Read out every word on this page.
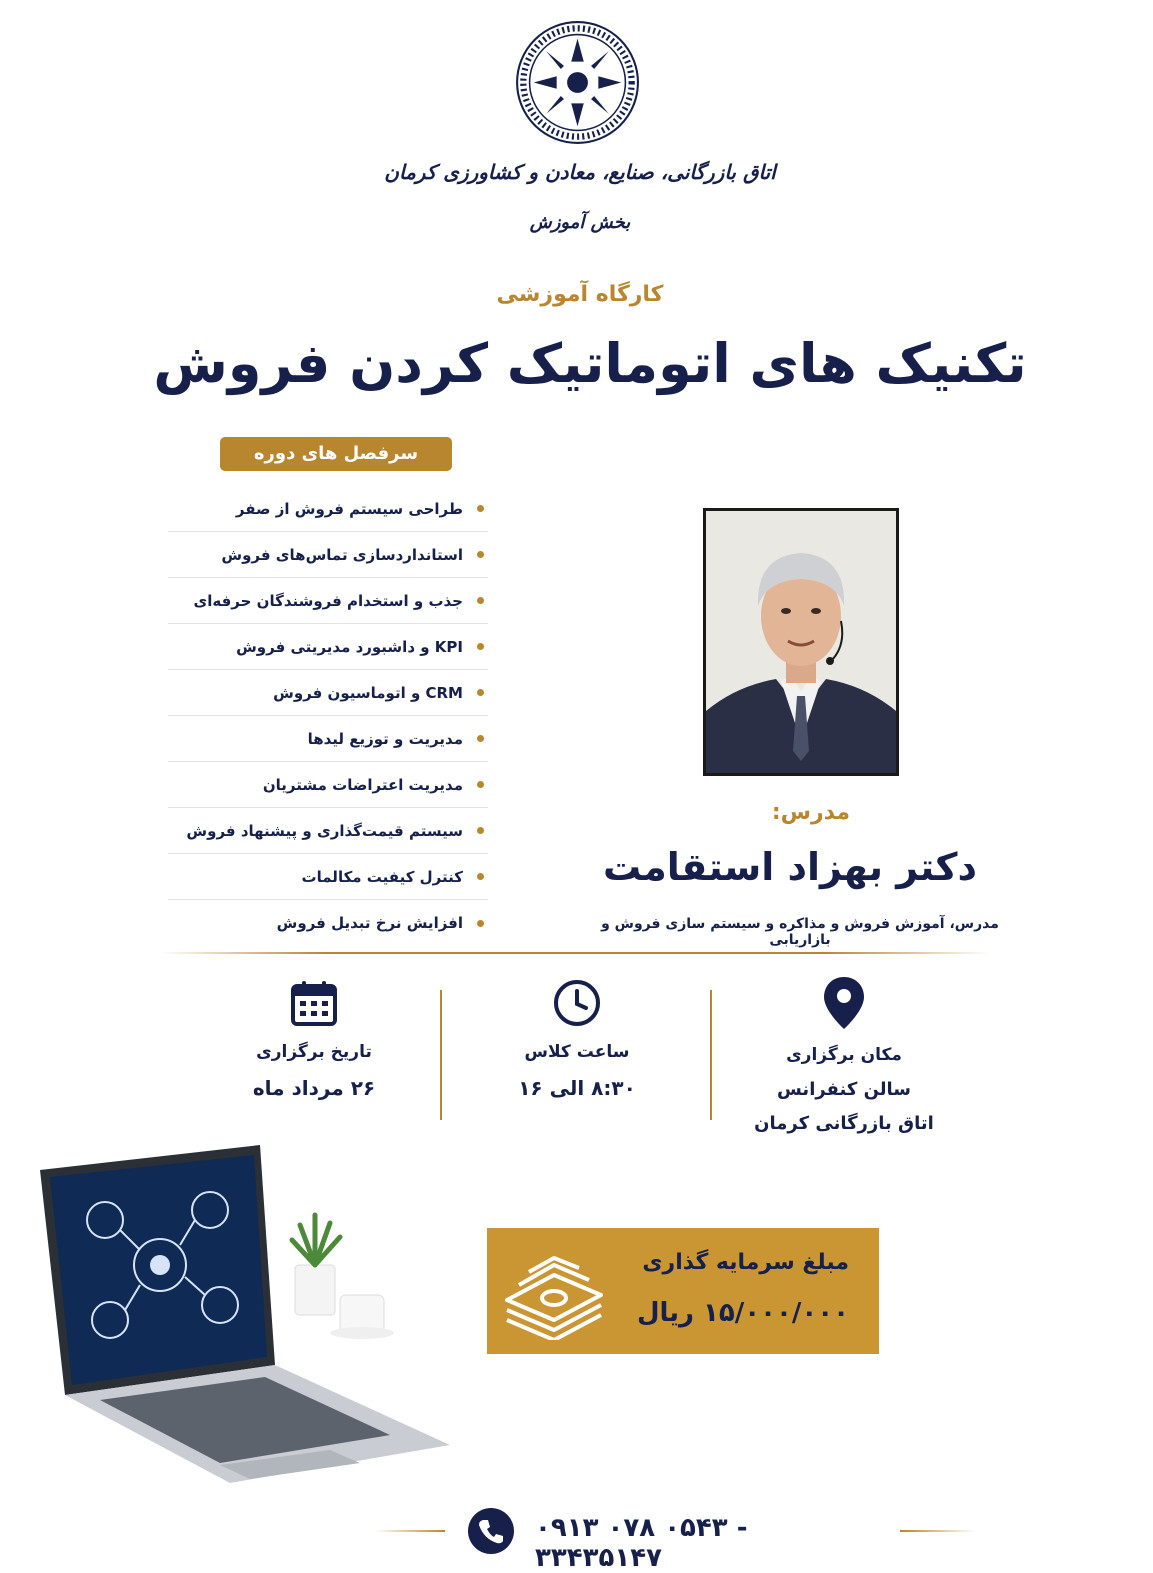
اتاق بازرگانی، صنایع، معادن و کشاورزی کرمان
بخش آموزش
کارگاه آموزشی
تکنیک های اتوماتیک کردن فروش
سرفصل های دوره
طراحی سیستم فروش از صفر
استانداردسازی تماس‌های فروش
جذب و استخدام فروشندگان حرفه‌ای
KPI و داشبورد مدیریتی فروش
CRM و اتوماسیون فروش
مدیریت و توزیع لیدها
مدیریت اعتراضات مشتریان
سیستم قیمت‌گذاری و پیشنهاد فروش
کنترل کیفیت مکالمات
افزایش نرخ تبدیل فروش
مدرس:
دکتر بهزاد استقامت
مدرس، آموزش فروش و مذاکره و سیستم سازی فروش و بازاریابی
تاریخ برگزاری
۲۶ مرداد ماه
ساعت کلاس
۸:۳۰ الی ۱۶
مکان برگزاری
سالن کنفرانس
اتاق بازرگانی کرمان
مبلغ سرمایه گذاری
۱۵/۰۰۰/۰۰۰ ریال
۰۹۱۳ ۰۷۸ ۰۵۴۳ - ۳۳۴۳۵۱۴۷
